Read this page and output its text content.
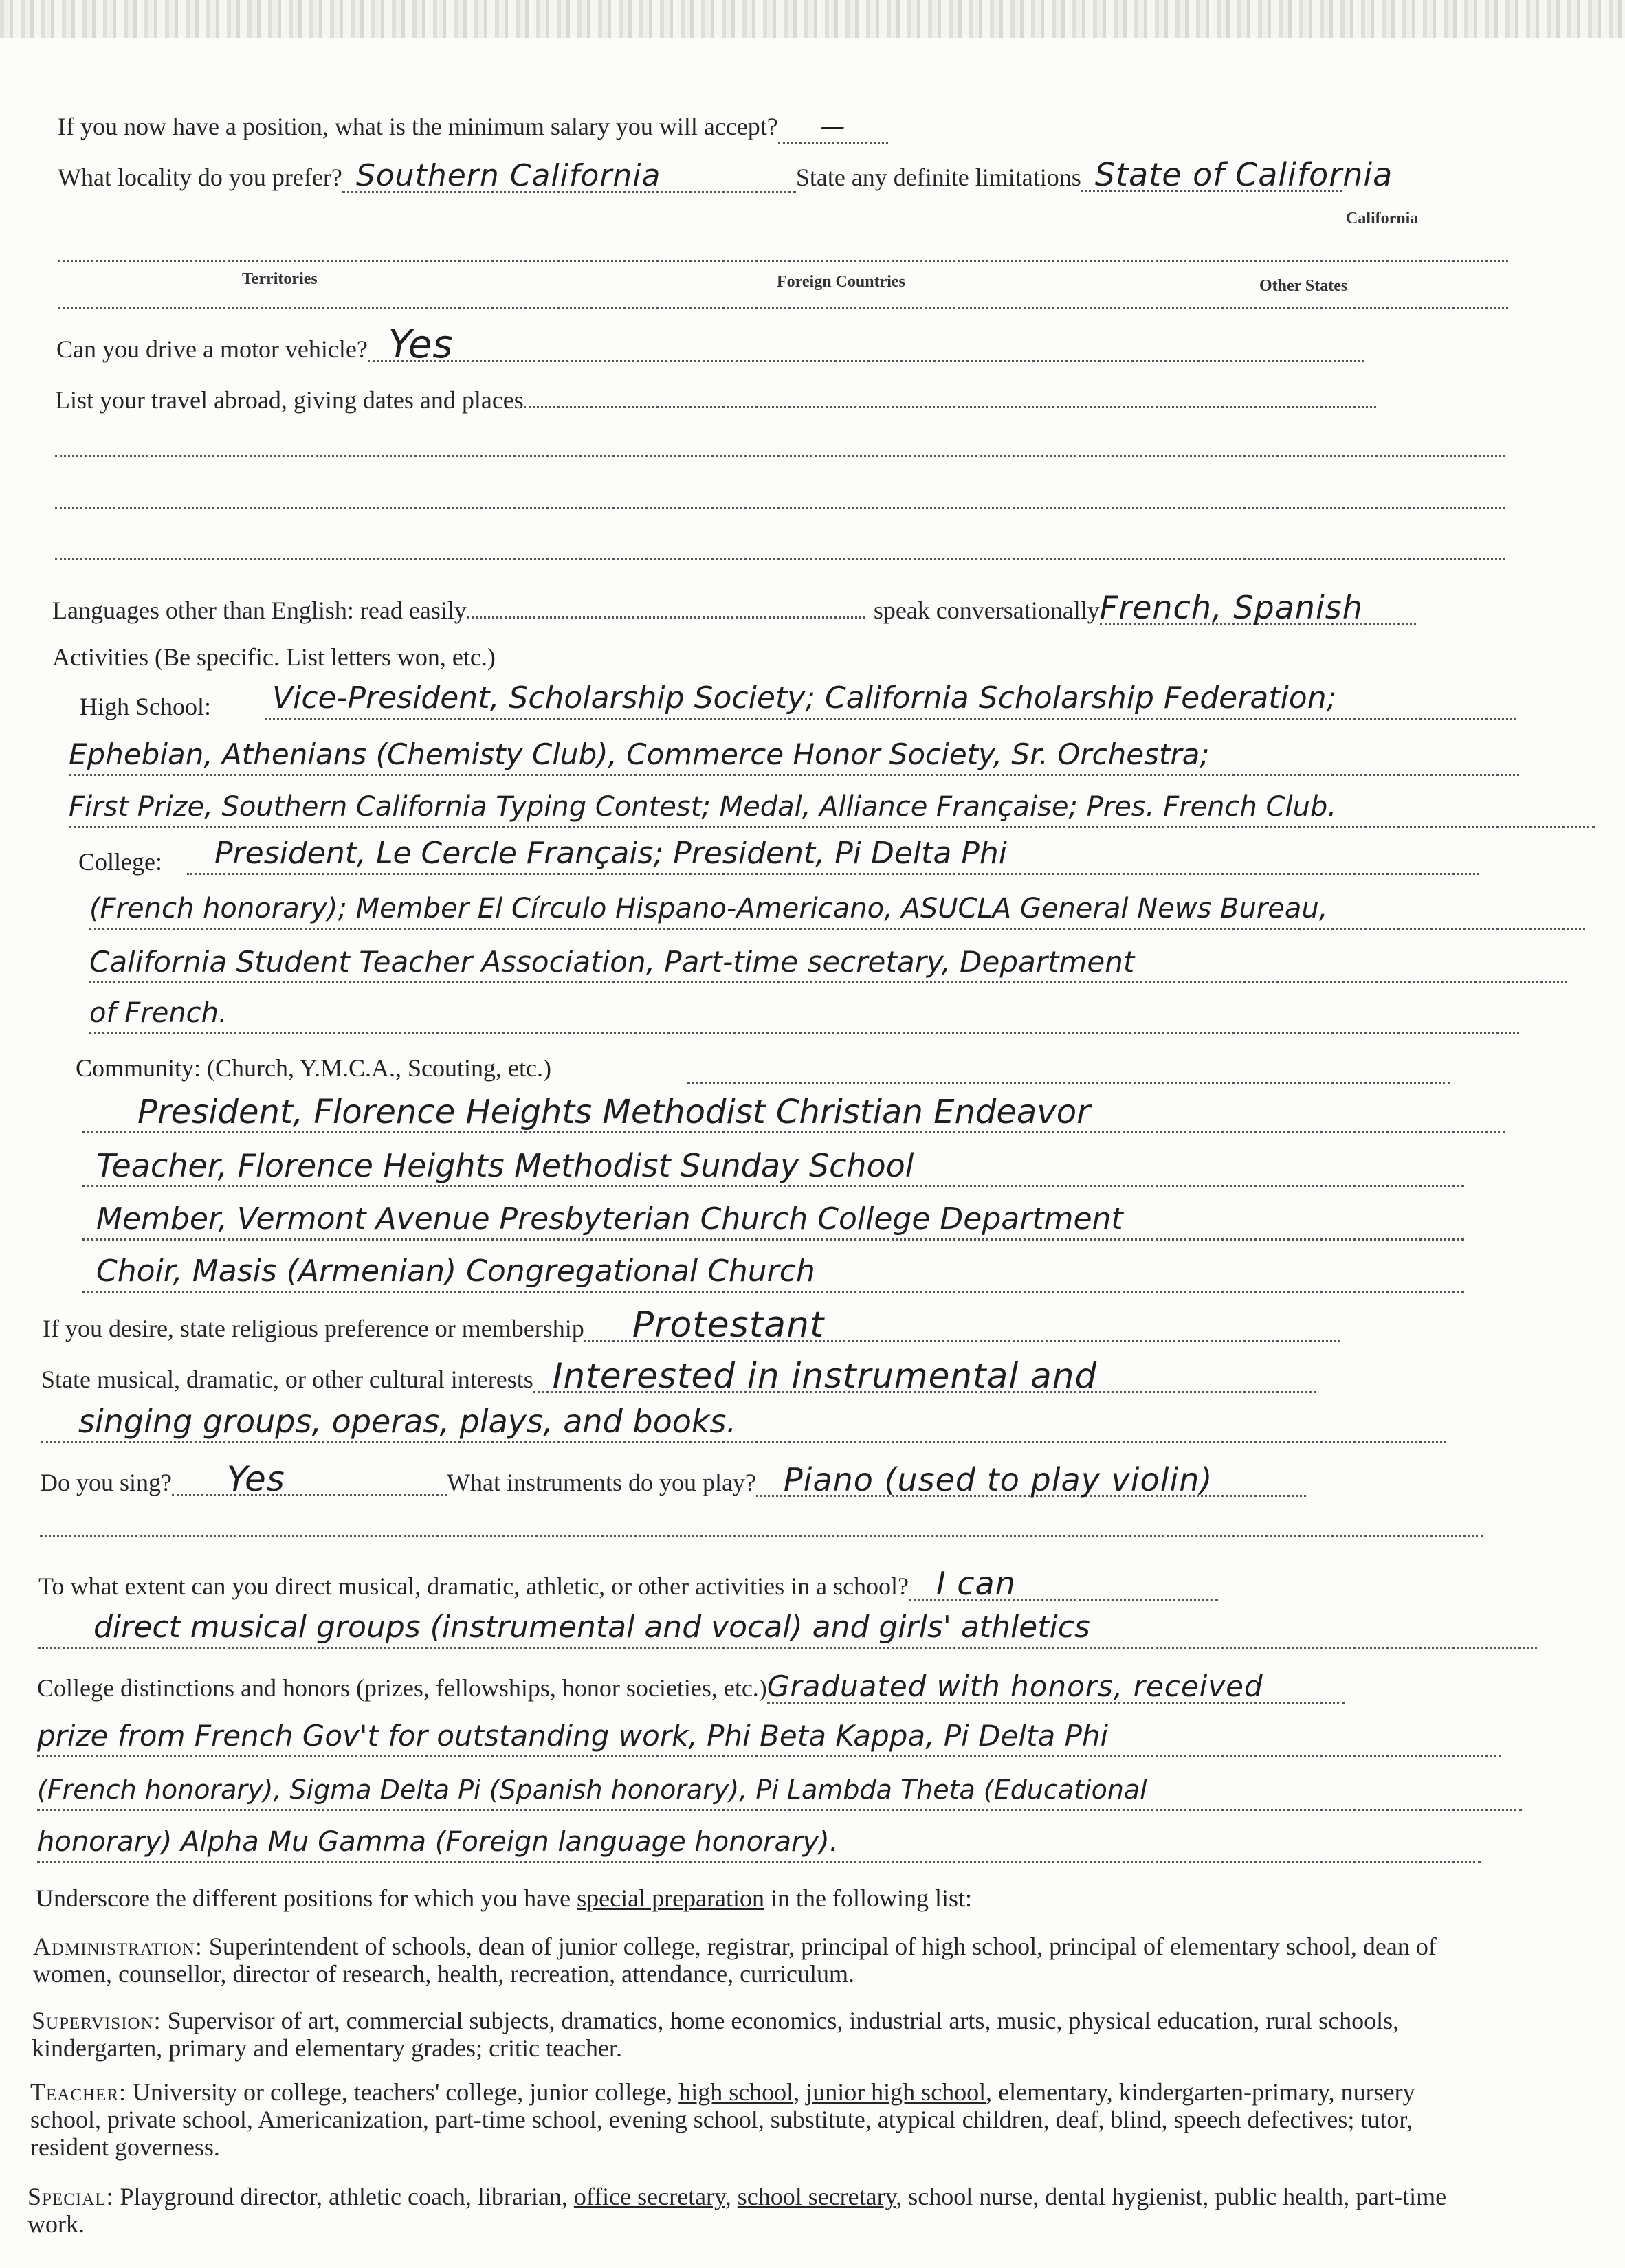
If you now have a position, what is the minimum salary you will accept? —
What locality do you prefer? Southern California	State any definite limitations State of California
California
Territories	Foreign Countries	Other States
Can you drive a motor vehicle? Yes
List your travel abroad, giving dates and places
Languages other than English: read easily	speak conversationallyFrench, Spanish
Activities (Be specific. List letters won, etc.)
High School: Vice-President, Scholarship Society; California Scholarship Federation;
Ephebian, Athenians (Chemisty Club), Commerce Honor Society, Sr. Orchestra;
First Prize, Southern California Typing Contest; Medal, Alliance Française; Pres. French Club.
College:	President, Le Cercle Français; President, Pi Delta Phi
(French honorary); Member El Círculo Hispano-Americano, ASUCLA General News Bureau,
California Student Teacher Association, Part-time secretary, Department
of French.
Community: (Church, Y.M.C.A., Scouting, etc.)
President, Florence Heights Methodist Christian Endeavor
Teacher, Florence Heights Methodist Sunday School
Member, Vermont Avenue Presbyterian Church College Department
Choir, Masis (Armenian) Congregational Church
If you desire, state religious preference or membership Protestant
State musical, dramatic, or other cultural interests Interested in instrumental and
singing groups, operas, plays, and books.
Do you sing? Yes	What instruments do you play? Piano (used to play violin)
To what extent can you direct musical, dramatic, athletic, or other activities in a school? I can
direct musical groups (instrumental and vocal) and girls' athletics
College distinctions and honors (prizes, fellowships, honor societies, etc.)Graduated with honors, received
prize from French Gov't for outstanding work, Phi Beta Kappa, Pi Delta Phi
(French honorary), Sigma Delta Pi (Spanish honorary), Pi Lambda Theta (Educational
honorary) Alpha Mu Gamma (Foreign language honorary).
Underscore the different positions for which you have special preparation in the following list:
Administration: Superintendent of schools, dean of junior college, registrar, principal of high school, principal of elementary school, dean of women, counsellor, director of research, health, recreation, attendance, curriculum.
Supervision: Supervisor of art, commercial subjects, dramatics, home economics, industrial arts, music, physical education, rural schools, kindergarten, primary and elementary grades; critic teacher.
Teacher: University or college, teachers' college, junior college, high school, junior high school, elementary, kindergarten-primary, nursery school, private school, Americanization, part-time school, evening school, substitute, atypical children, deaf, blind, speech defectives; tutor, resident governess.
Special: Playground director, athletic coach, librarian, office secretary, school secretary, school nurse, dental hygienist, public health, part-time work.
